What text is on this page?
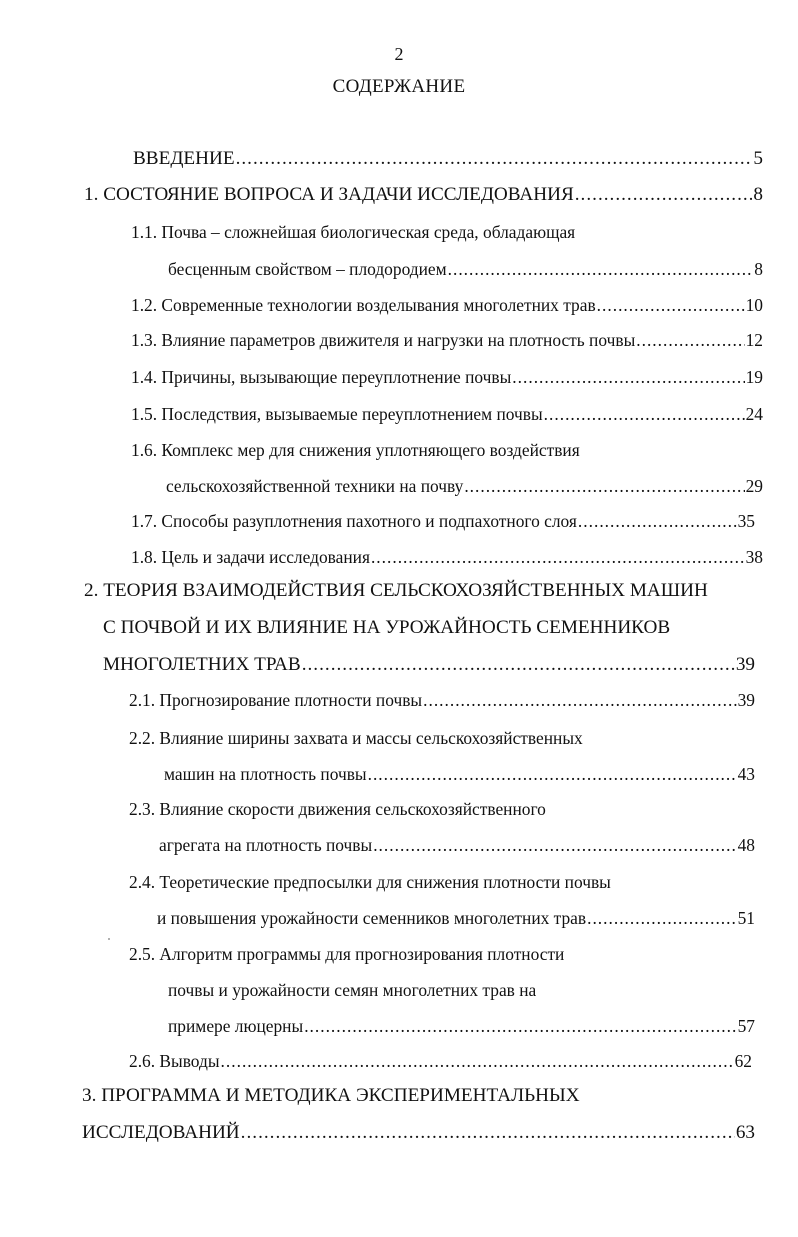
2
СОДЕРЖАНИЕ
ВВЕДЕНИЕ .....	5
1. СОСТОЯНИЕ ВОПРОСА И ЗАДАЧИ ИССЛЕДОВАНИЯ .....	8
1.1. Почва – сложнейшая биологическая среда, обладающая
бесценным свойством – плодородием .....	8
1.2. Современные технологии возделывания многолетних трав .....	10
1.3. Влияние параметров движителя и нагрузки на плотность почвы .....	12
1.4. Причины, вызывающие переуплотнение почвы .....	19
1.5. Последствия, вызываемые переуплотнением почвы .....	24
1.6. Комплекс мер для снижения уплотняющего воздействия
сельскохозяйственной техники на почву .....	29
1.7. Способы разуплотнения пахотного и подпахотного слоя .....	35
1.8. Цель и задачи исследования .....	38
2. ТЕОРИЯ ВЗАИМОДЕЙСТВИЯ СЕЛЬСКОХОЗЯЙСТВЕННЫХ МАШИН
С ПОЧВОЙ И ИХ ВЛИЯНИЕ НА УРОЖАЙНОСТЬ СЕМЕННИКОВ
МНОГОЛЕТНИХ ТРАВ .....	39
2.1. Прогнозирование плотности почвы .....	39
2.2. Влияние ширины захвата и массы сельскохозяйственных
машин на плотность почвы .....	43
2.3. Влияние скорости движения сельскохозяйственного
агрегата на плотность почвы .....	48
2.4. Теоретические предпосылки для снижения плотности почвы
и повышения урожайности семенников многолетних трав .....	51
2.5. Алгоритм программы для прогнозирования плотности
почвы и урожайности семян многолетних трав на
примере люцерны .....	57
2.6. Выводы .....	62
3. ПРОГРАММА И МЕТОДИКА ЭКСПЕРИМЕНТАЛЬНЫХ
ИССЛЕДОВАНИЙ .....	63
